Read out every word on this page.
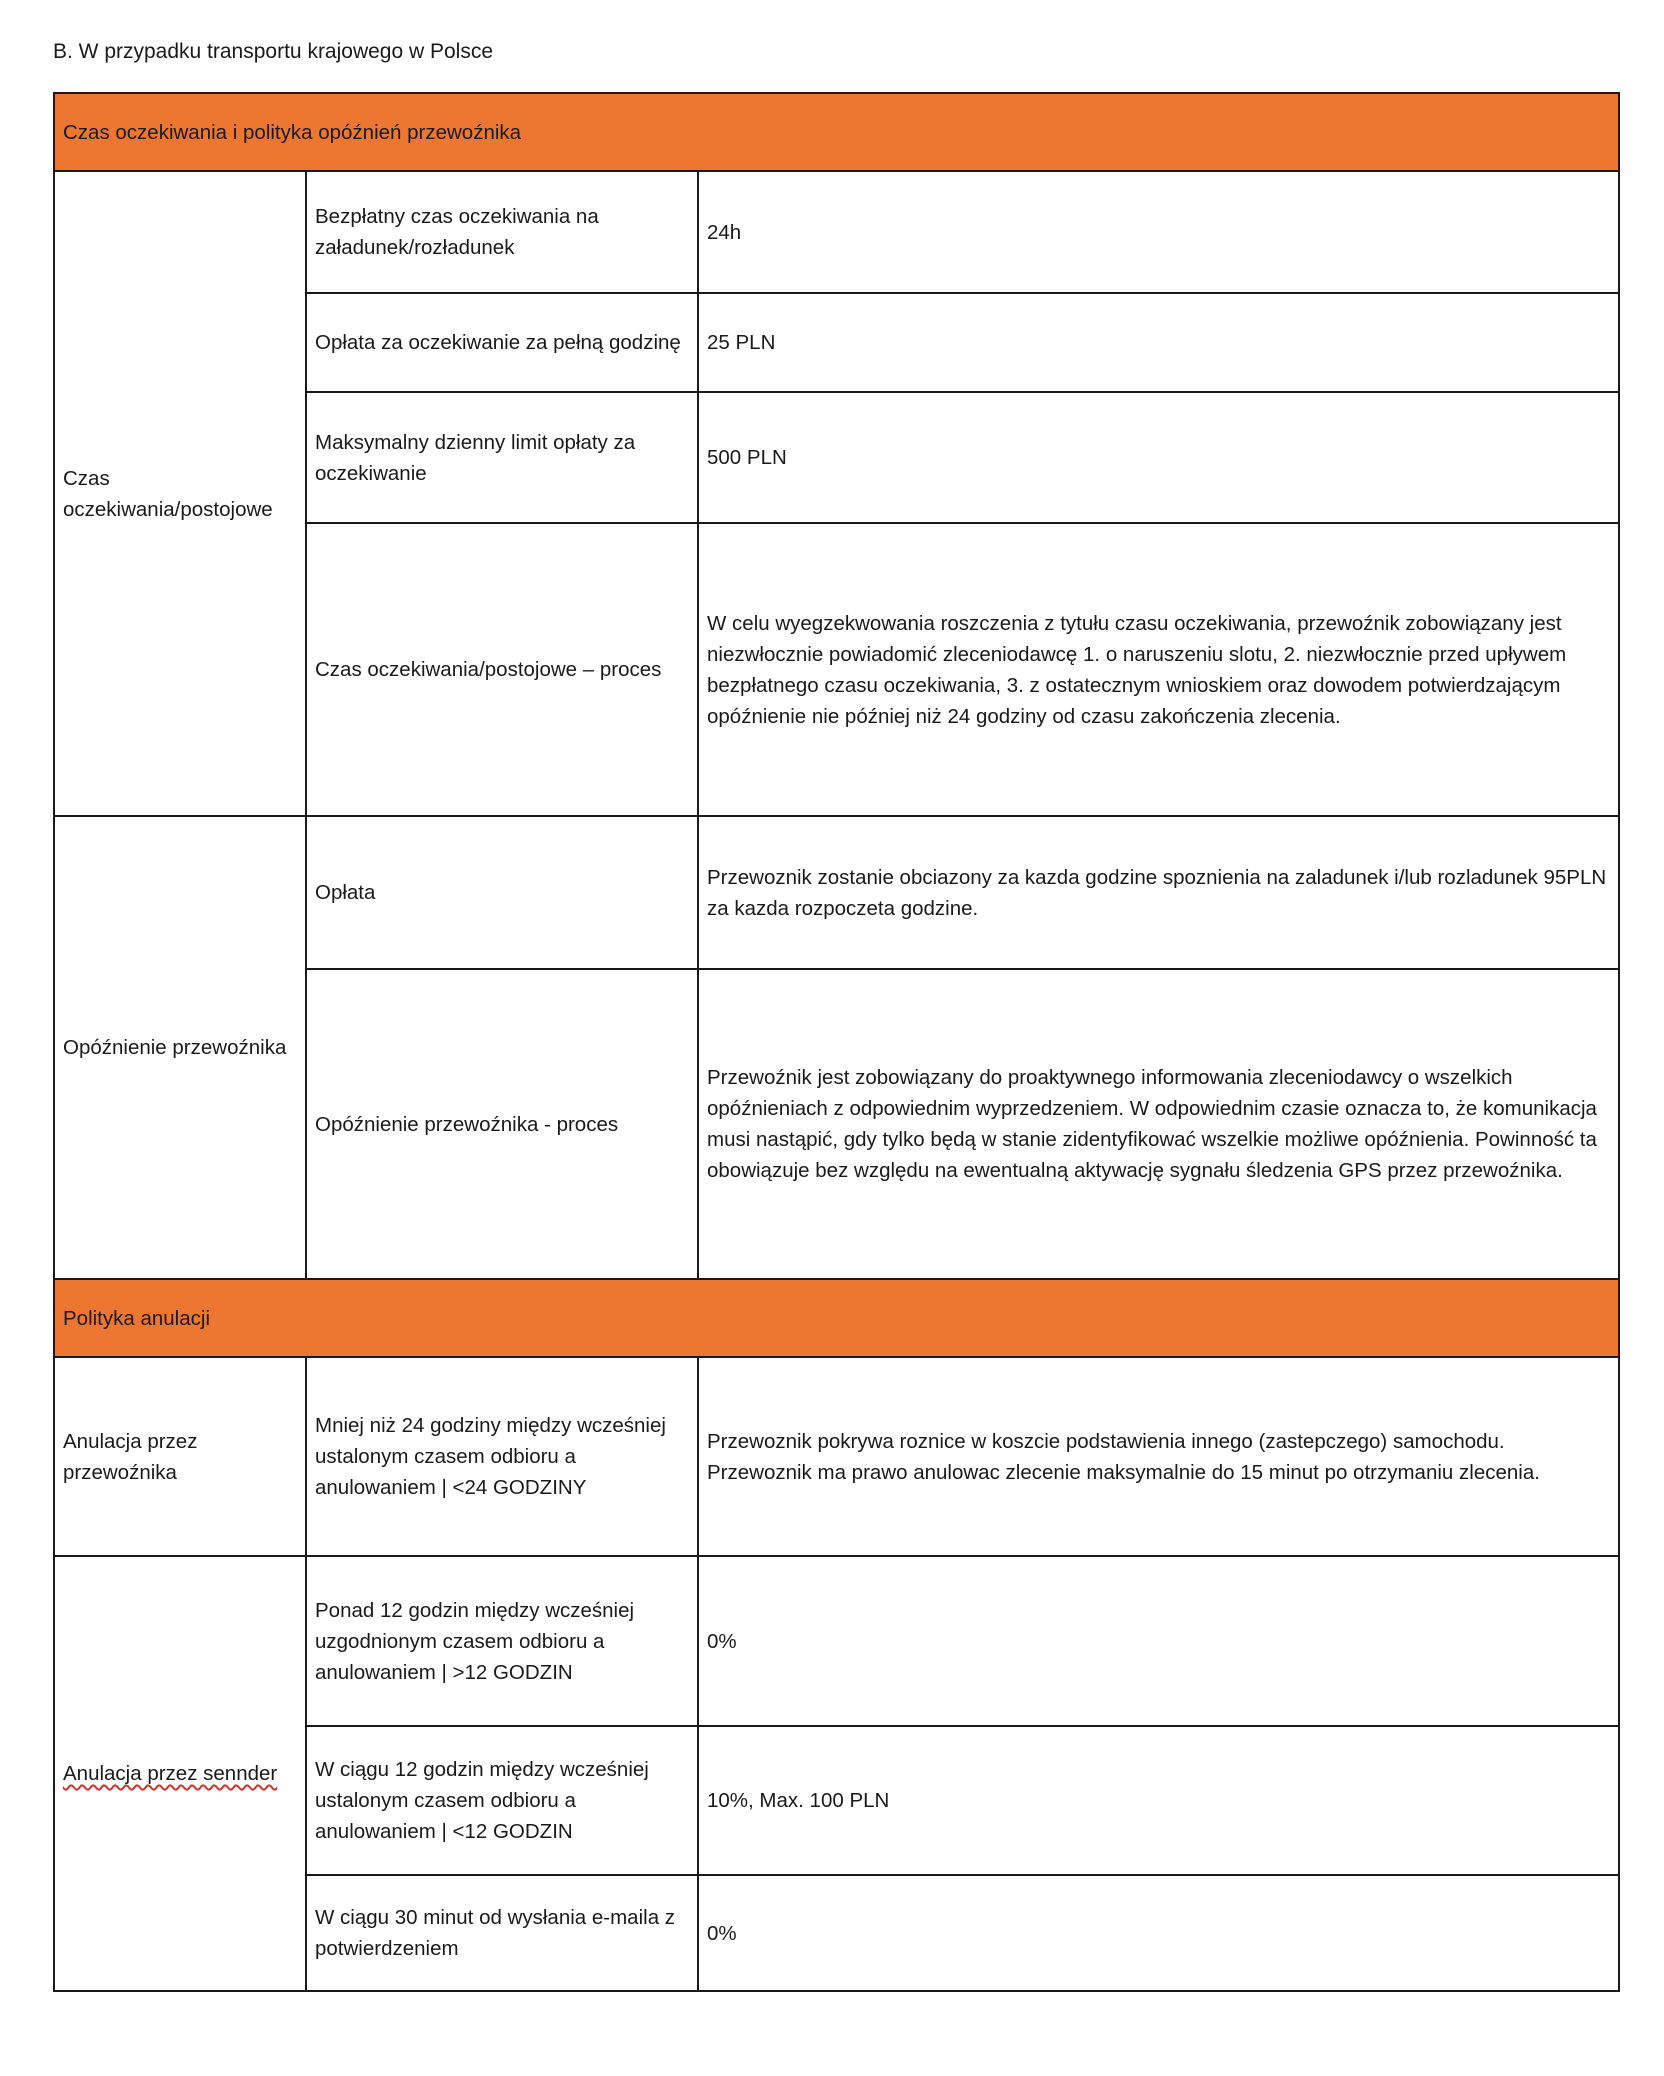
B. W przypadku transportu krajowego w Polsce
Czas oczekiwania i polityka opóźnień przewoźnika		
Czas oczekiwania/postojowe	Bezpłatny czas oczekiwania na załadunek/rozładunek	24h
	Opłata za oczekiwanie za pełną godzinę	25 PLN
	Maksymalny dzienny limit opłaty za oczekiwanie	500 PLN
	Czas oczekiwania/postojowe – proces	W celu wyegzekwowania roszczenia z tytułu czasu oczekiwania, przewoźnik zobowiązany jest niezwłocznie powiadomić zleceniodawcę 1. o naruszeniu slotu, 2. niezwłocznie przed upływem bezpłatnego czasu oczekiwania, 3. z ostatecznym wnioskiem oraz dowodem potwierdzającym opóźnienie nie później niż 24 godziny od czasu zakończenia zlecenia.
Opóźnienie przewoźnika	Opłata	Przewoznik zostanie obciazony za kazda godzine spoznienia na zaladunek i/lub rozladunek 95PLN za kazda rozpoczeta godzine.
	Opóźnienie przewoźnika - proces	Przewoźnik jest zobowiązany do proaktywnego informowania zleceniodawcy o wszelkich opóźnieniach z odpowiednim wyprzedzeniem. W odpowiednim czasie oznacza to, że komunikacja musi nastąpić, gdy tylko będą w stanie zidentyfikować wszelkie możliwe opóźnienia. Powinność ta obowiązuje bez względu na ewentualną aktywację sygnału śledzenia GPS przez przewoźnika.
Polityka anulacji		
Anulacja przez przewoźnika	Mniej niż 24 godziny między wcześniej ustalonym czasem odbioru a anulowaniem | <24 GODZINY	Przewoznik pokrywa roznice w koszcie podstawienia innego (zastepczego) samochodu. Przewoznik ma prawo anulowac zlecenie maksymalnie do 15 minut po otrzymaniu zlecenia.
Anulacja przez sennder	Ponad 12 godzin między wcześniej uzgodnionym czasem odbioru a anulowaniem | >12 GODZIN	0%
	W ciągu 12 godzin między wcześniej ustalonym czasem odbioru a anulowaniem | <12 GODZIN	10%, Max. 100 PLN
	W ciągu 30 minut od wysłania e-maila z potwierdzeniem	0%
